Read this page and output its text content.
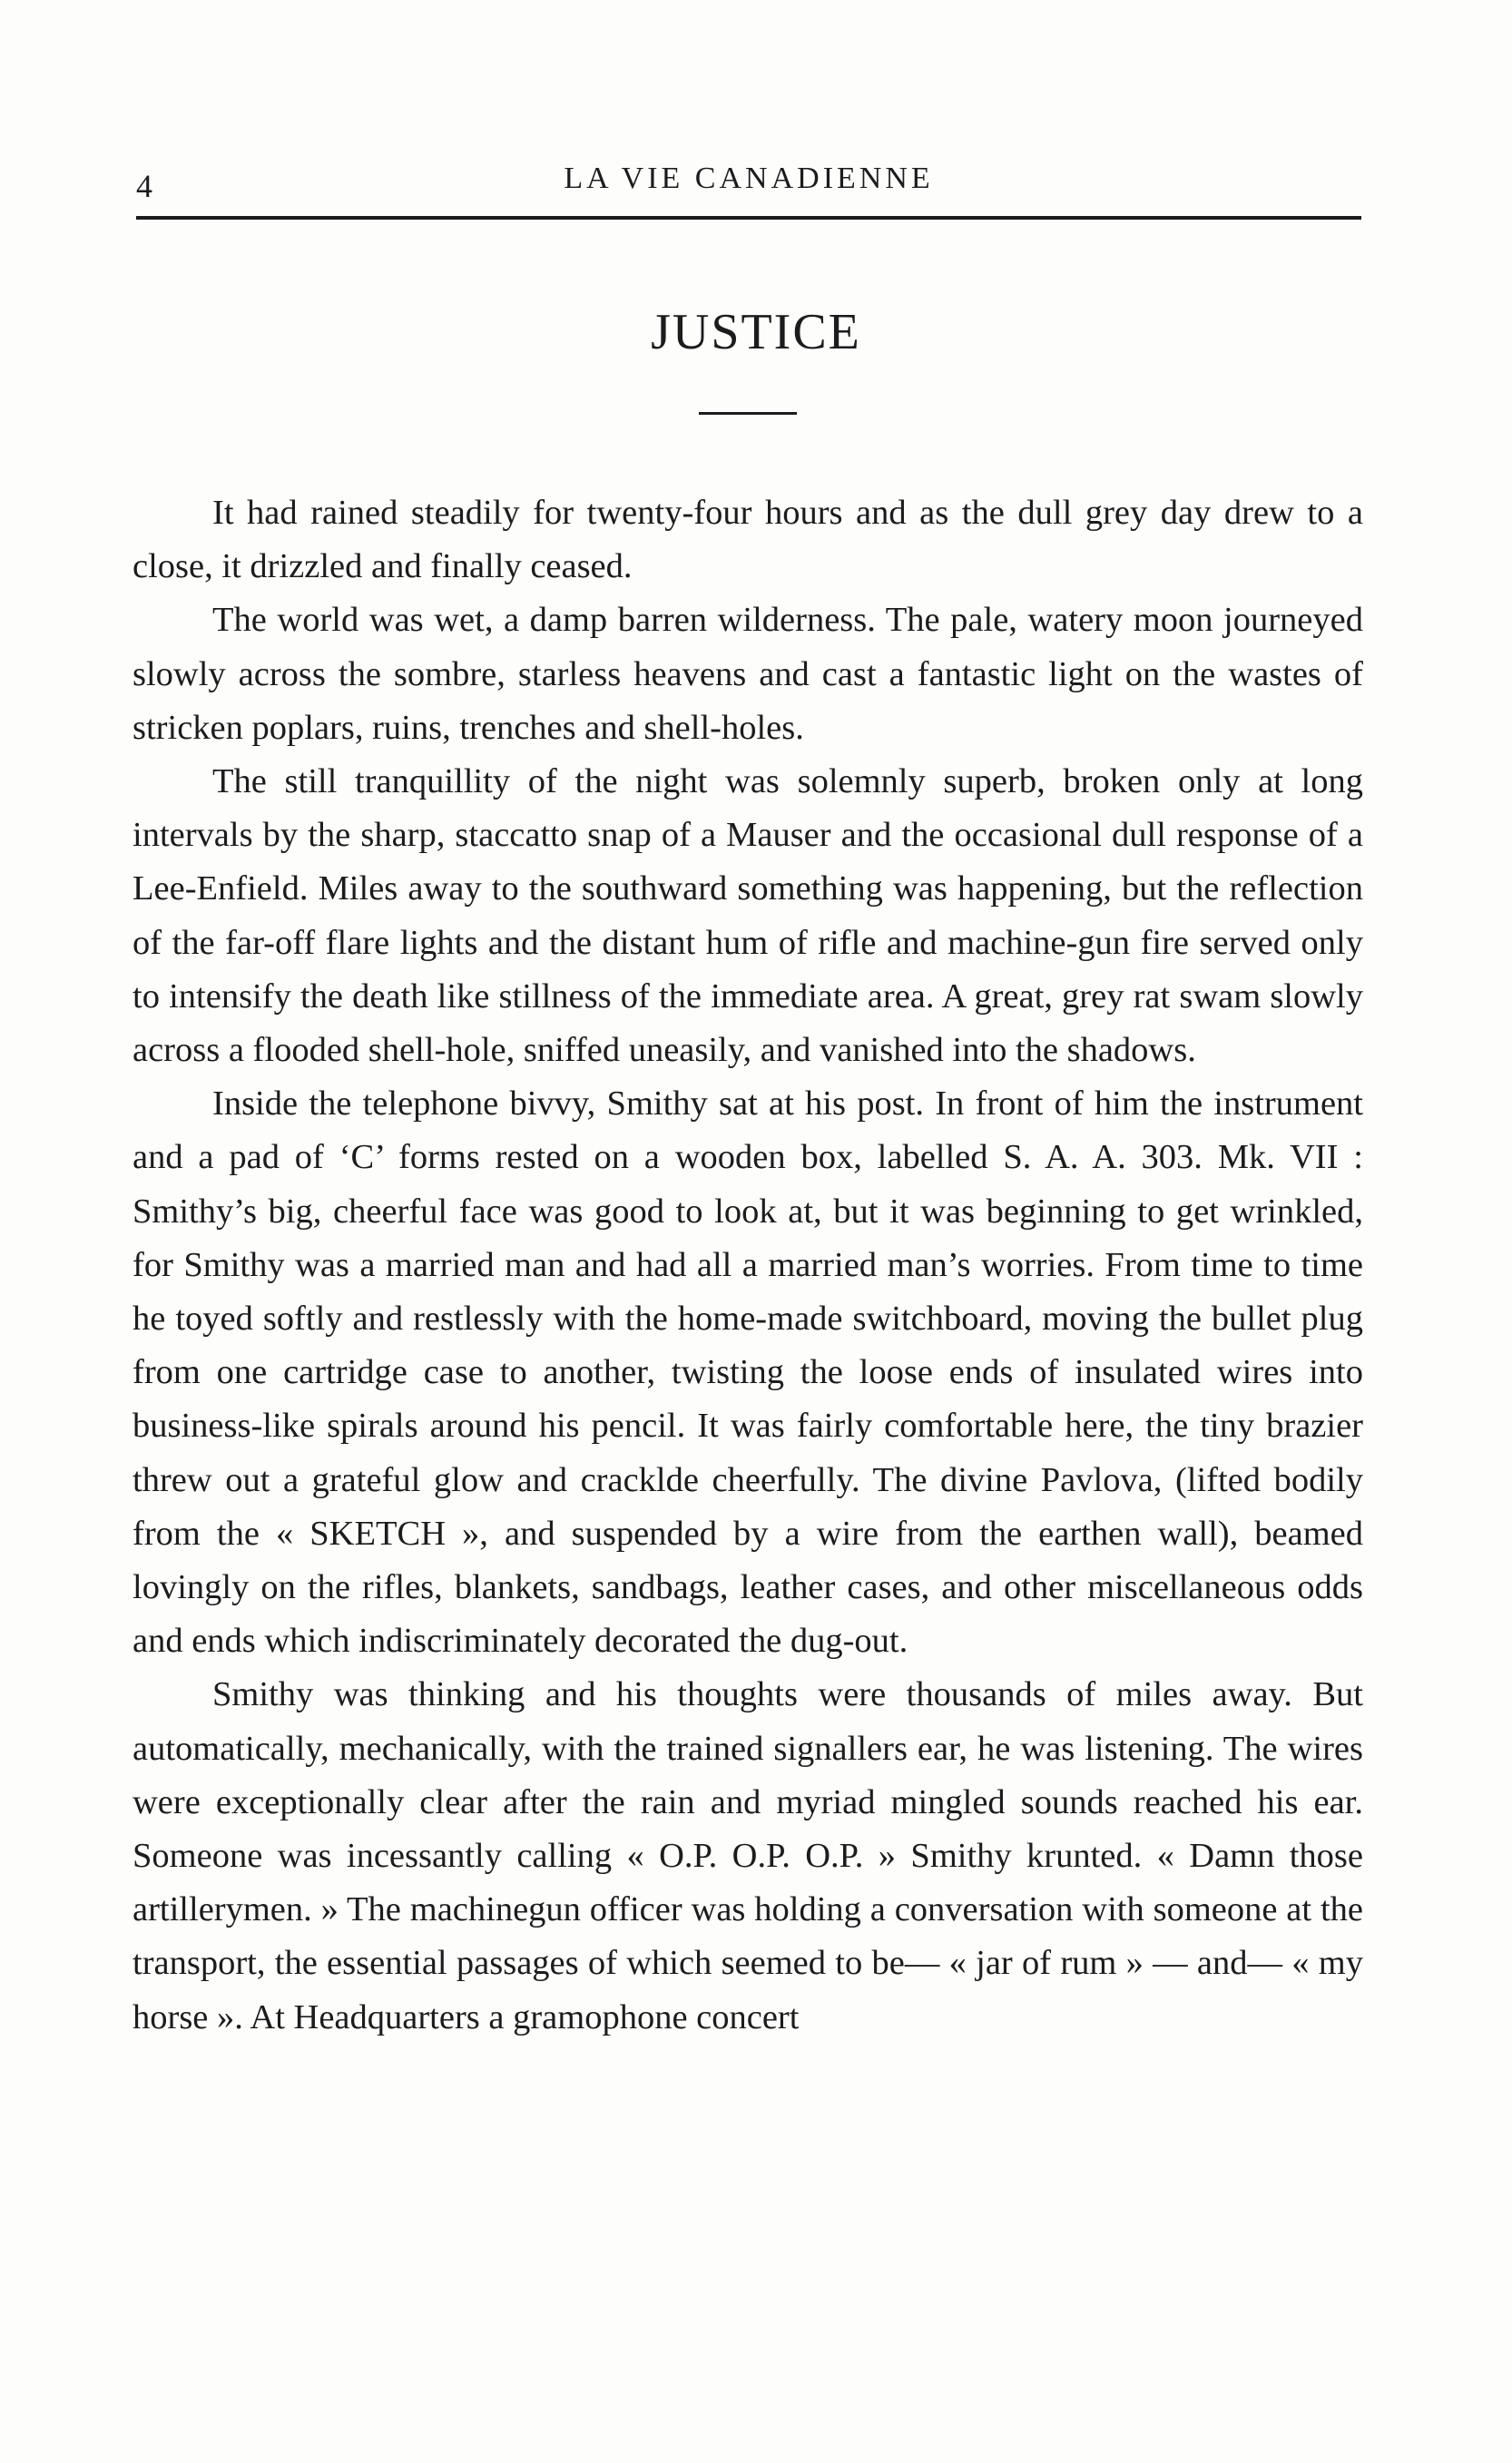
4	LA VIE CANADIENNE
JUSTICE

It had rained steadily for twenty-four hours and as the dull grey day drew to a close, it drizzled and finally ceased.

The world was wet, a damp barren wilderness. The pale, watery moon journeyed slowly across the sombre, starless heavens and cast a fantastic light on the wastes of stricken poplars, ruins, trenches and shell-holes.

The still tranquillity of the night was solemnly superb, broken only at long intervals by the sharp, staccatto snap of a Mauser and the occasional dull response of a Lee-Enfield. Miles away to the southward something was happening, but the reflection of the far-off flare lights and the distant hum of rifle and machine-gun fire served only to intensify the death like stillness of the immediate area. A great, grey rat swam slowly across a flooded shell-hole, sniffed uneasily, and vanished into the shadows.

Inside the telephone bivvy, Smithy sat at his post. In front of him the instrument and a pad of ‘C’ forms rested on a wooden box, labelled S. A. A. 303. Mk. VII : Smithy’s big, cheerful face was good to look at, but it was beginning to get wrinkled, for Smithy was a married man and had all a married man’s worries. From time to time he toyed softly and restlessly with the home-made switchboard, moving the bullet plug from one cartridge case to another, twisting the loose ends of insulated wires into business-like spirals around his pencil. It was fairly comfortable here, the tiny brazier threw out a grateful glow and cracklde cheerfully. The divine Pavlova, (lifted bodily from the « SKETCH », and suspended by a wire from the earthen wall), beamed lovingly on the rifles, blankets, sandbags, leather cases, and other miscellaneous odds and ends which indiscriminately decorated the dug-out.

Smithy was thinking and his thoughts were thousands of miles away. But automatically, mechanically, with the trained signallers ear, he was listening. The wires were exceptionally clear after the rain and myriad mingled sounds reached his ear. Someone was incessantly calling « O.P. O.P. O.P. » Smithy krunted. « Damn those artillerymen. » The machinegun officer was holding a conversation with someone at the transport, the essential passages of which seemed to be— « jar of rum » — and— « my horse ». At Headquarters a gramophone concert
